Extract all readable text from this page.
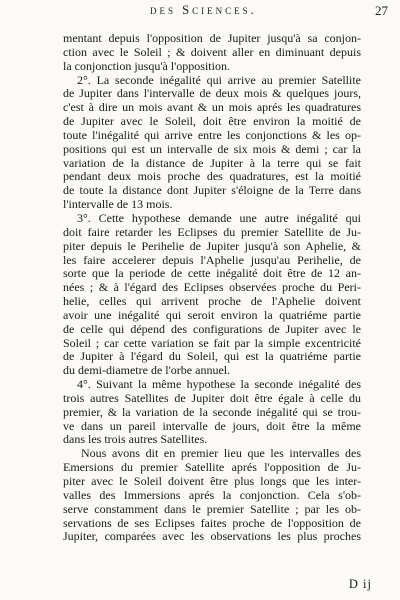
des Sciences.	27
mentant depuis l'opposition de Jupiter jusqu'à sa conjon-
ction avec le Soleil ; & doivent aller en diminuant depuis
la conjonction jusqu'à l'opposition.
2°. La seconde inégalité qui arrive au premier Satellite
de Jupiter dans l'intervalle de deux mois & quelques jours,
c'est à dire un mois avant & un mois aprés les quadratures
de Jupiter avec le Soleil, doit être environ la moitié de
toute l'inégalité qui arrive entre les conjonctions & les op-
positions qui est un intervalle de six mois & demi ; car la
variation de la distance de Jupiter à la terre qui se fait
pendant deux mois proche des quadratures, est la moitié
de toute la distance dont Jupiter s'éloigne de la Terre dans
l'intervalle de 13 mois.
3°. Cette hypothese demande une autre inégalité qui
doit faire retarder les Eclipses du premier Satellite de Ju-
piter depuis le Perihelie de Jupiter jusqu'à son Aphelie, &
les faire accelerer depuis l'Aphelie jusqu'au Perihelie, de
sorte que la periode de cette inégalité doit être de 12 an-
nées ; & à l'égard des Eclipses observées proche du Peri-
helie, celles qui arrivent proche de l'Aphelie doivent
avoir une inégalité qui seroit environ la quatriéme partie
de celle qui dépend des configurations de Jupiter avec le
Soleil ; car cette variation se fait par la simple excentricité
de Jupiter à l'égard du Soleil, qui est la quatriéme partie
du demi-diametre de l'orbe annuel.
4°. Suivant la même hypothese la seconde inégalité des
trois autres Satellites de Jupiter doit être égale à celle du
premier, & la variation de la seconde inégalité qui se trou-
ve dans un pareil intervalle de jours, doit être la même
dans les trois autres Satellites.
Nous avons dit en premier lieu que les intervalles des
Emersions du premier Satellite aprés l'opposition de Ju-
piter avec le Soleil doivent être plus longs que les inter-
valles des Immersions aprés la conjonction. Cela s'ob-
serve constamment dans le premier Satellite ; par les ob-
servations de ses Eclipses faites proche de l'opposition de
Jupiter, comparées avec les observations les plus proches
D ij
